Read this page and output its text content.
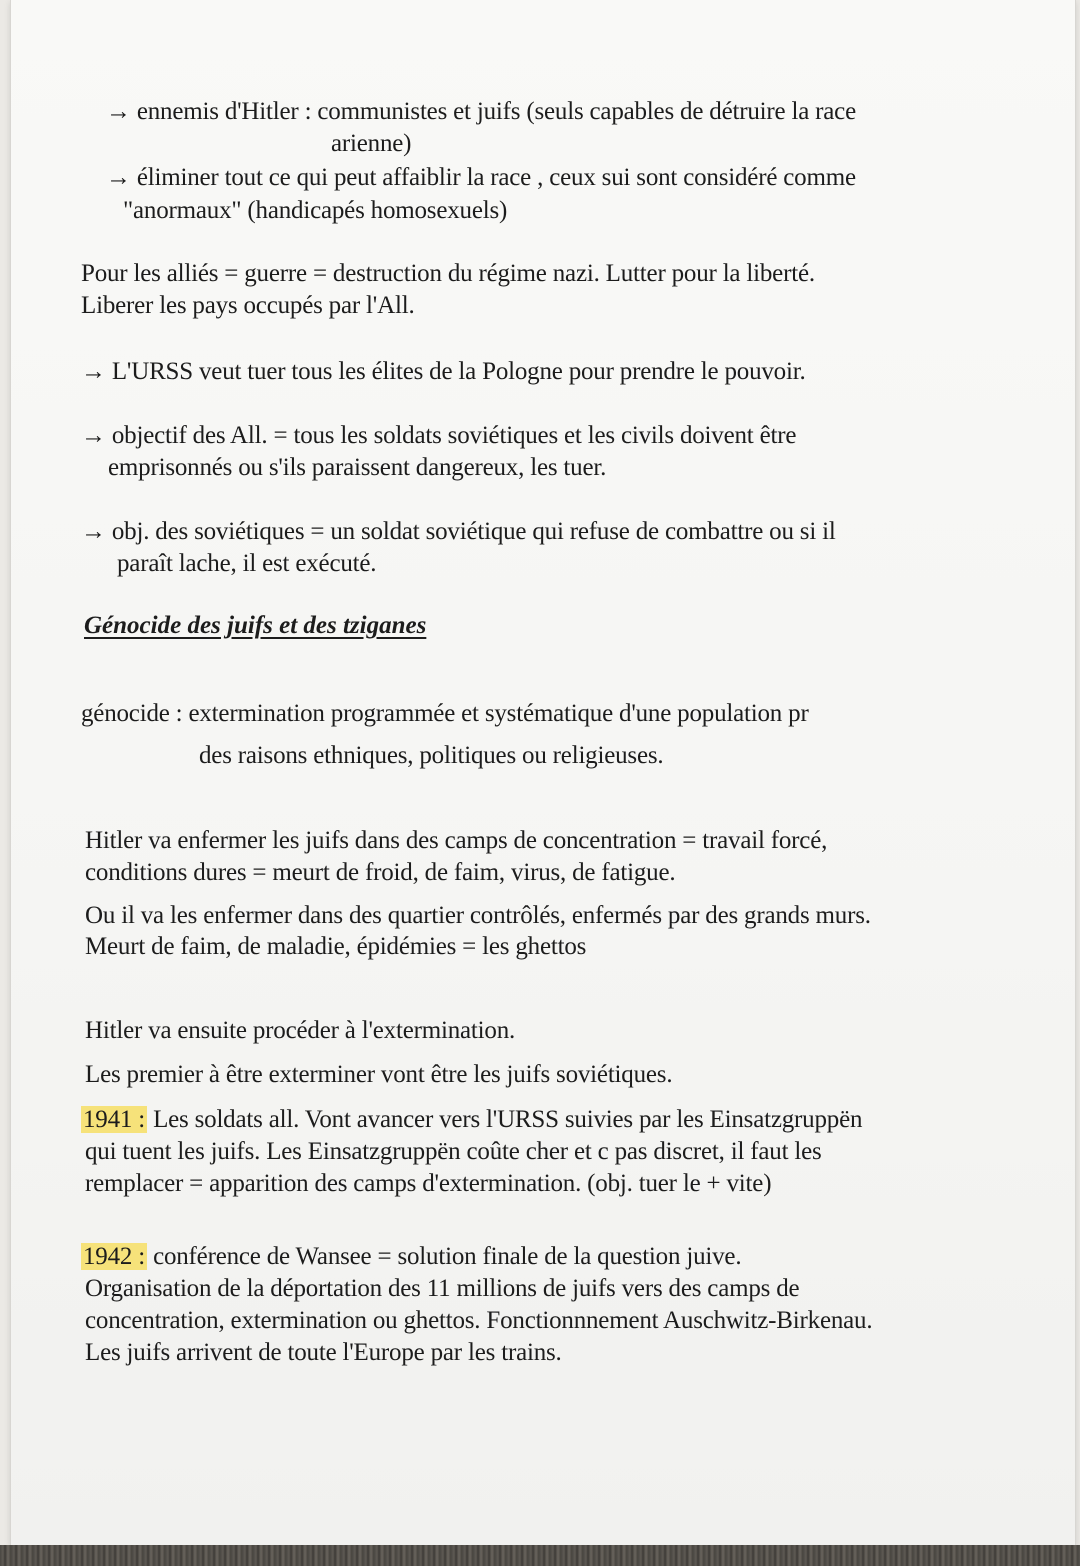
→ ennemis d'Hitler : communistes et juifs (seuls capables de détruire la race
arienne)
→ éliminer tout ce qui peut affaiblir la race , ceux sui sont considéré comme
"anormaux" (handicapés homosexuels)
Pour les alliés = guerre = destruction du régime nazi. Lutter pour la liberté.
Liberer les pays occupés par l'All.
→ L'URSS veut tuer tous les élites de la Pologne pour prendre le pouvoir.
→ objectif des All. = tous les soldats soviétiques et les civils doivent être
emprisonnés ou s'ils paraissent dangereux, les tuer.
→ obj. des soviétiques = un soldat soviétique qui refuse de combattre ou si il
paraît lache, il est exécuté.
Génocide des juifs et des tziganes
génocide : extermination programmée et systématique d'une population pr
des raisons ethniques, politiques ou religieuses.
Hitler va enfermer les juifs dans des camps de concentration = travail forcé,
conditions dures = meurt de froid, de faim, virus, de fatigue.
Ou il va les enfermer dans des quartier contrôlés, enfermés par des grands murs.
Meurt de faim, de maladie, épidémies = les ghettos
Hitler va ensuite procéder à l'extermination.
Les premier à être exterminer vont être les juifs soviétiques.
1941 : Les soldats all. Vont avancer vers l'URSS suivies par les Einsatzgruppën
qui tuent les juifs. Les Einsatzgruppën coûte cher et c pas discret, il faut les
remplacer = apparition des camps d'extermination. (obj. tuer le + vite)
1942 : conférence de Wansee = solution finale de la question juive.
Organisation de la déportation des 11 millions de juifs vers des camps de
concentration, extermination ou ghettos. Fonctionnnement Auschwitz-Birkenau.
Les juifs arrivent de toute l'Europe par les trains.
